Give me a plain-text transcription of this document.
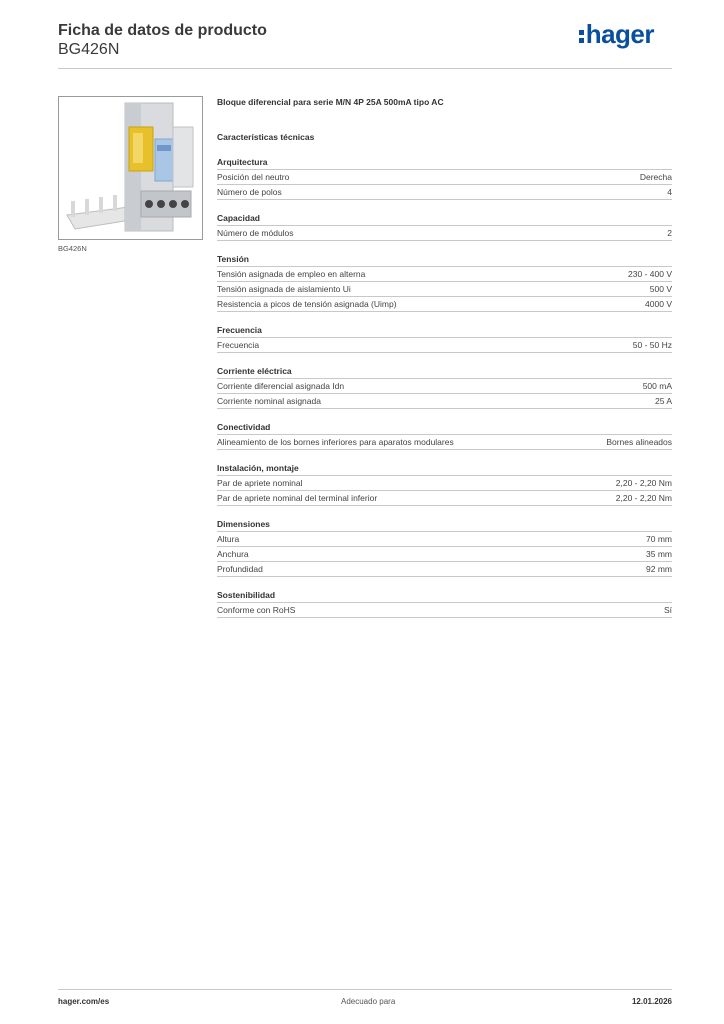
Ficha de datos de producto
BG426N
hager
BG426N
Bloque diferencial para serie M/N 4P 25A 500mA tipo AC
Características técnicas
Arquitectura
Posición del neutro	Derecha
Número de polos	4
Capacidad
Número de módulos	2
Tensión
Tensión asignada de empleo en alterna	230 - 400 V
Tensión asignada de aislamiento Ui	500 V
Resistencia a picos de tensión asignada (Uimp)	4000 V
Frecuencia
Frecuencia	50 - 50 Hz
Corriente eléctrica
Corriente diferencial asignada Idn	500 mA
Corriente nominal asignada	25 A
Conectividad
Alineamiento de los bornes inferiores para aparatos modulares	Bornes alineados
Instalación, montaje
Par de apriete nominal	2,20 - 2,20 Nm
Par de apriete nominal del terminal inferior	2,20 - 2,20 Nm
Dimensiones
Altura	70 mm
Anchura	35 mm
Profundidad	92 mm
Sostenibilidad
Conforme con RoHS	Sí
hager.com/es	Adecuado para	12.01.2026
